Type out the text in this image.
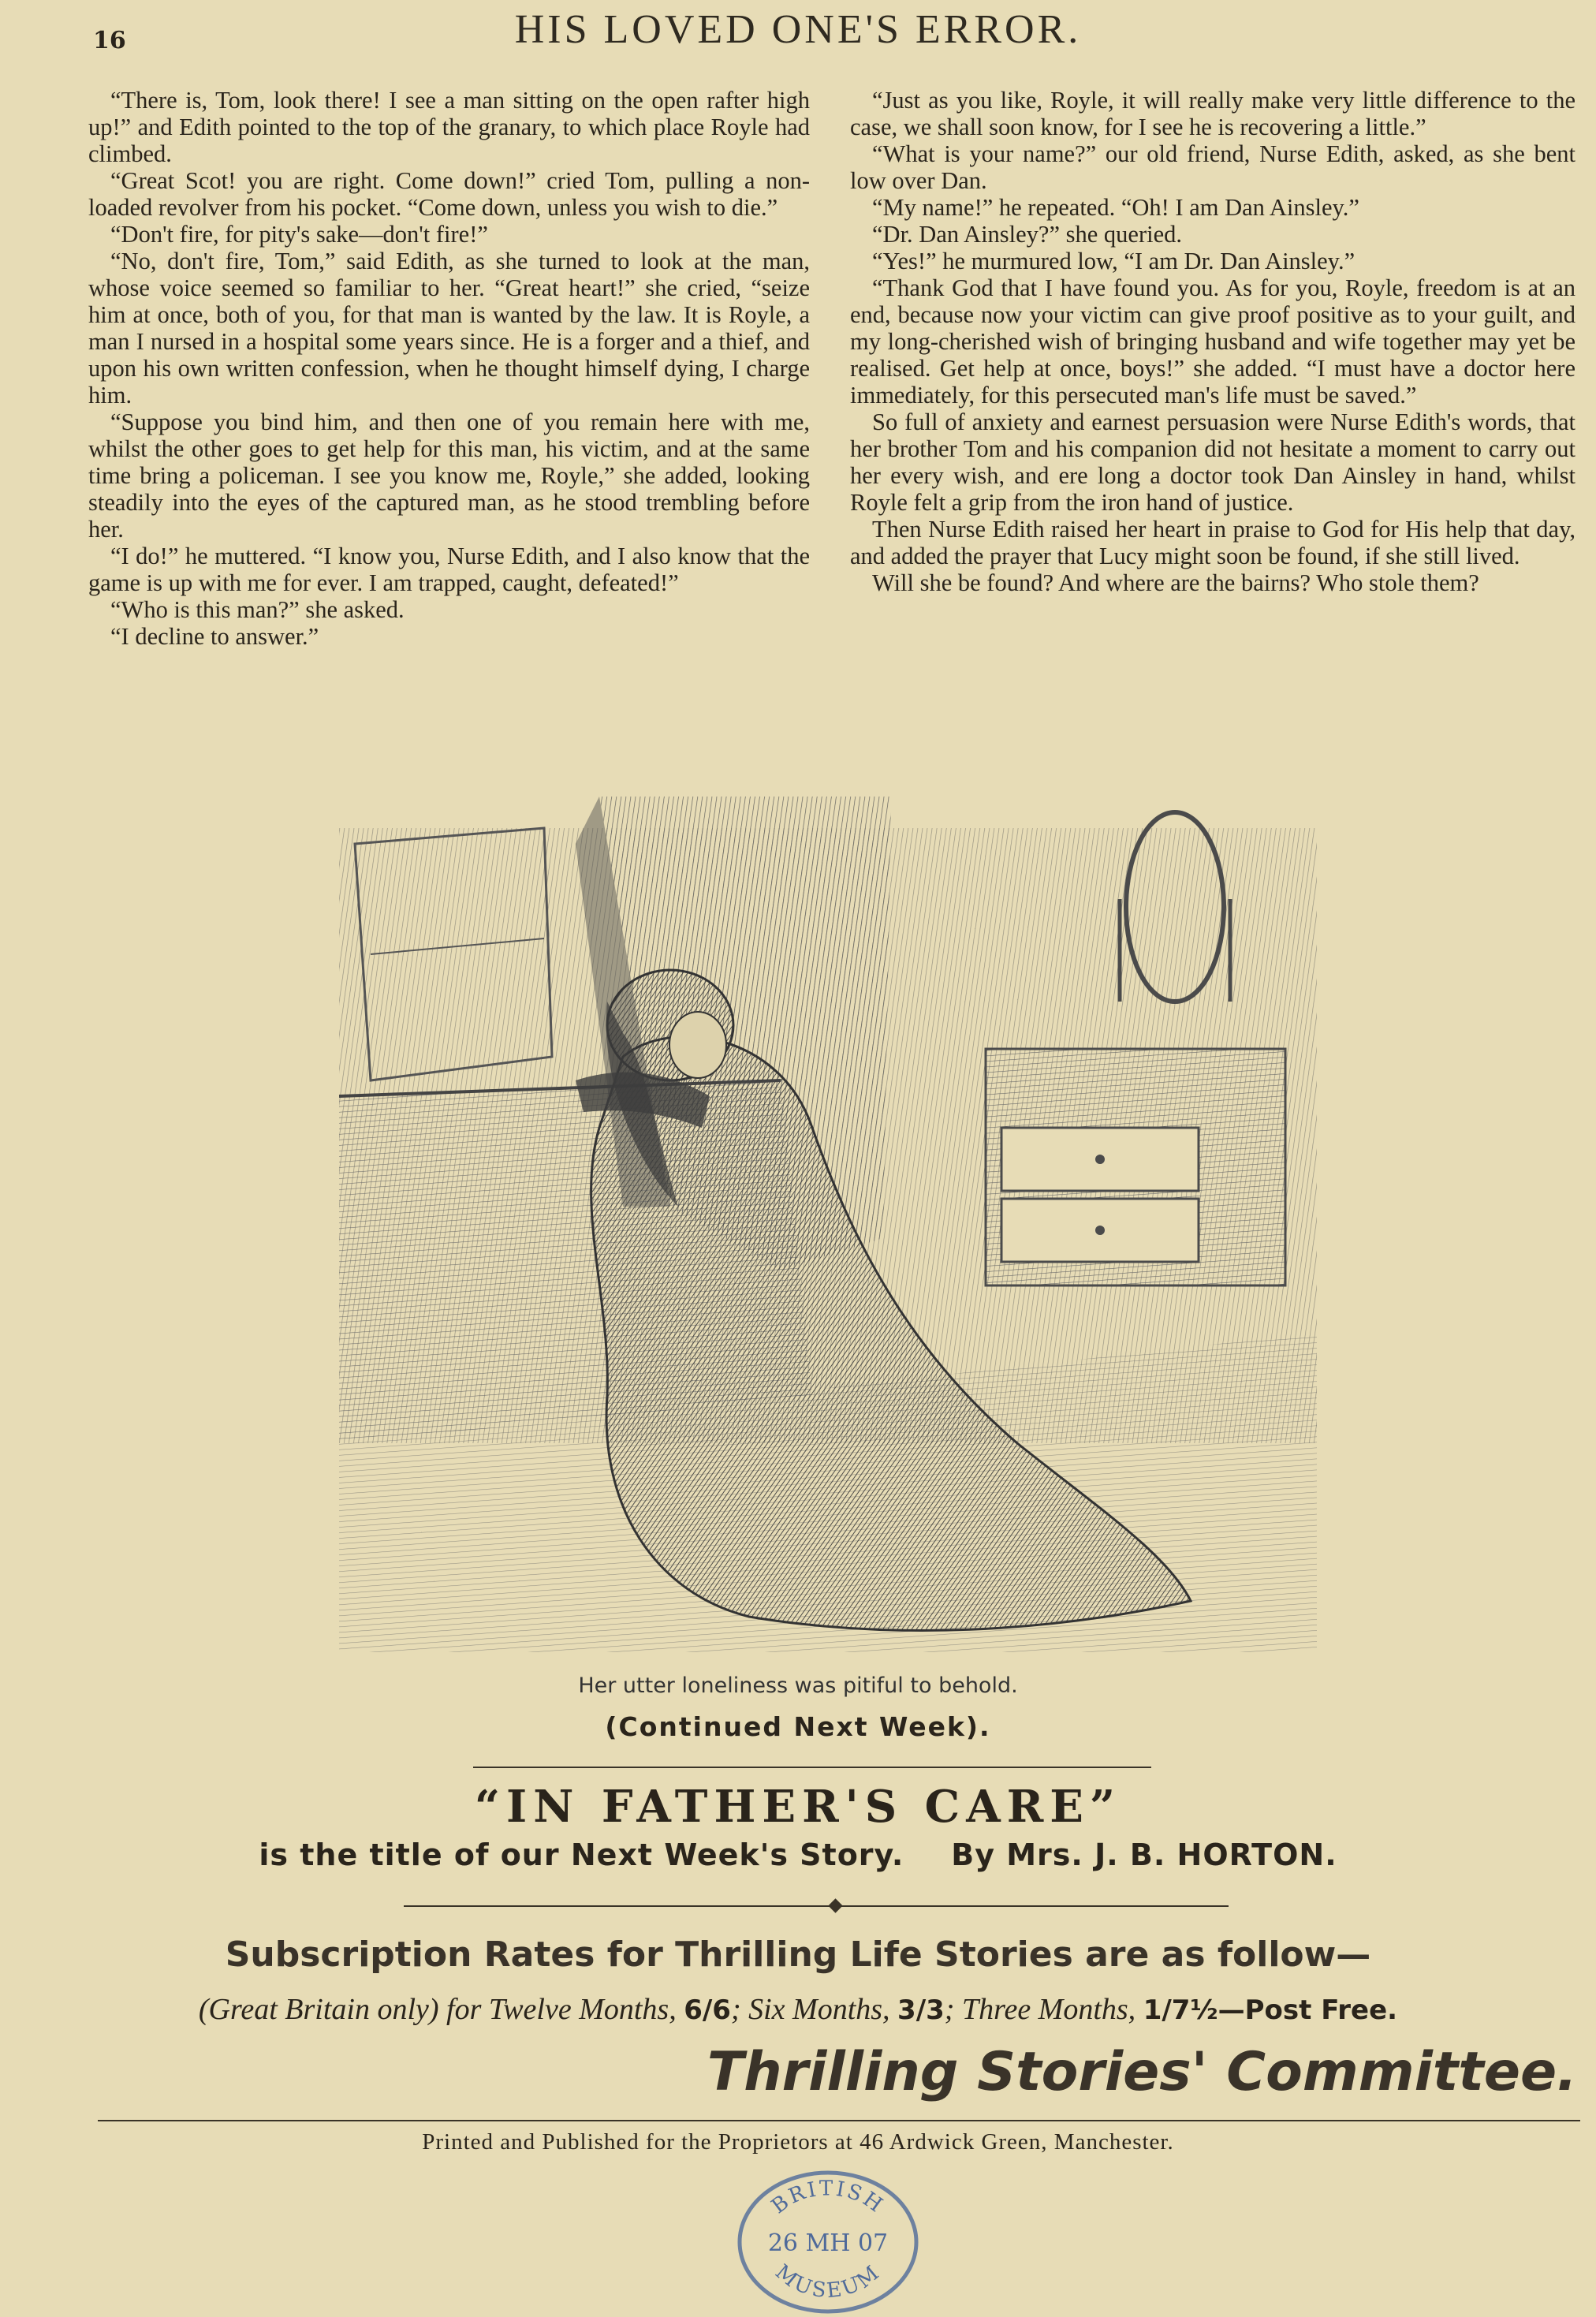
16	HIS LOVED ONE'S ERROR.

“There is, Tom, look there! I see a man sitting on the open rafter high up!” and Edith pointed to the top of the granary, to which place Royle had climbed.

“Great Scot! you are right. Come down!” cried Tom, pulling a non-loaded revolver from his pocket. “Come down, unless you wish to die.”

“Don't fire, for pity's sake—don't fire!”

“No, don't fire, Tom,” said Edith, as she turned to look at the man, whose voice seemed so familiar to her. “Great heart!” she cried, “seize him at once, both of you, for that man is wanted by the law. It is Royle, a man I nursed in a hospital some years since. He is a forger and a thief, and upon his own written confession, when he thought himself dying, I charge him.

“Suppose you bind him, and then one of you remain here with me, whilst the other goes to get help for this man, his victim, and at the same time bring a policeman. I see you know me, Royle,” she added, looking steadily into the eyes of the captured man, as he stood trembling before her.

“I do!” he muttered. “I know you, Nurse Edith, and I also know that the game is up with me for ever. I am trapped, caught, defeated!”

“Who is this man?” she asked.

“I decline to answer.”

“Just as you like, Royle, it will really make very little difference to the case, we shall soon know, for I see he is recovering a little.”

“What is your name?” our old friend, Nurse Edith, asked, as she bent low over Dan.

“My name!” he repeated. “Oh! I am Dan Ainsley.”

“Dr. Dan Ainsley?” she queried.

“Yes!” he murmured low, “I am Dr. Dan Ainsley.”

“Thank God that I have found you. As for you, Royle, freedom is at an end, because now your victim can give proof positive as to your guilt, and my long-cherished wish of bringing husband and wife together may yet be realised. Get help at once, boys!” she added. “I must have a doctor here immediately, for this persecuted man's life must be saved.”

So full of anxiety and earnest persuasion were Nurse Edith's words, that her brother Tom and his companion did not hesitate a moment to carry out her every wish, and ere long a doctor took Dan Ainsley in hand, whilst Royle felt a grip from the iron hand of justice.

Then Nurse Edith raised her heart in praise to God for His help that day, and added the prayer that Lucy might soon be found, if she still lived.

Will she be found? And where are the bairns? Who stole them?

Her utter loneliness was pitiful to behold.
(Continued Next Week).
“IN FATHER'S CARE”
is the title of our Next Week's Story. By Mrs. J. B. HORTON.
Subscription Rates for Thrilling Life Stories are as follow—
(Great Britain only) for Twelve Months, 6/6; Six Months, 3/3; Three Months, 1/7½—Post Free.
Thrilling Stories' Committee.
Printed and Published for the Proprietors at 46 Ardwick Green, Manchester.
BRITISH
26 MH 07
MUSEUM
